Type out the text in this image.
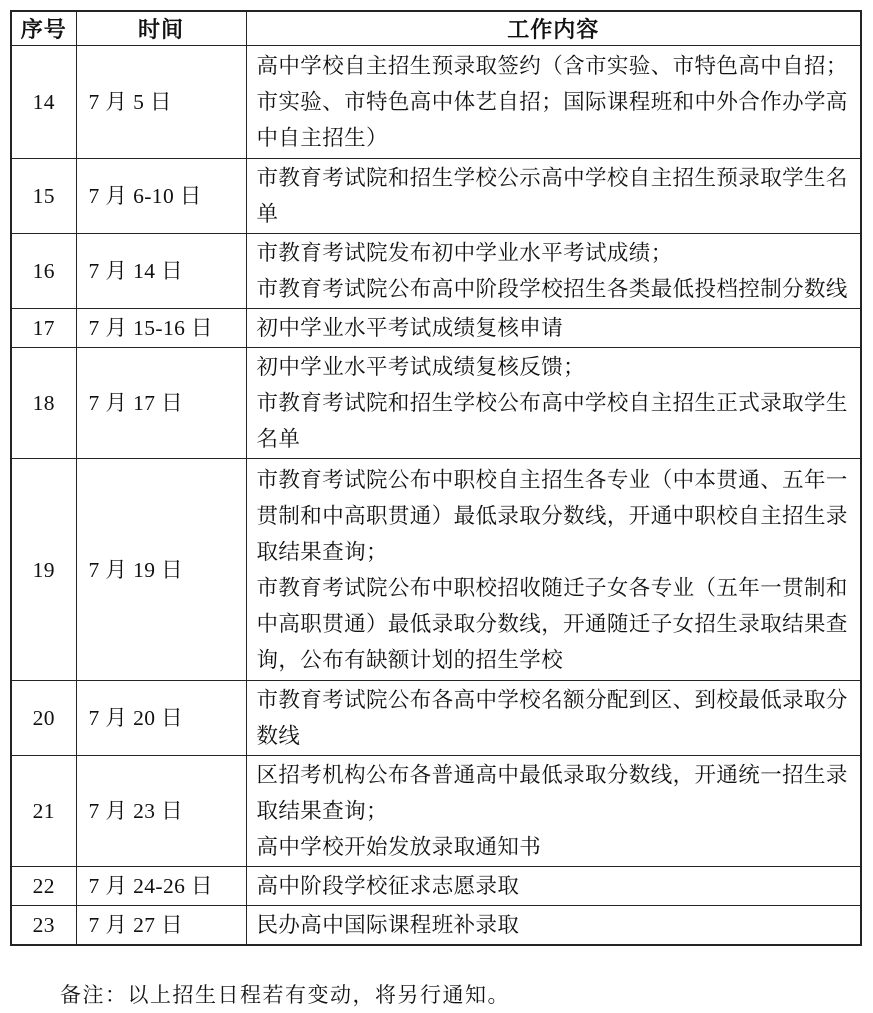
序号	时间	工作内容
14	7 月 5 日	高中学校自主招生预录取签约（含市实验、市特色高中自招；市实验、市特色高中体艺自招；国际课程班和中外合作办学高中自主招生）

15	7 月 6-10 日	市教育考试院和招生学校公示高中学校自主招生预录取学生名单

16	7 月 14 日	市教育考试院发布初中学业水平考试成绩；
市教育考试院公布高中阶段学校招生各类最低投档控制分数线

17	7 月 15-16 日	初中学业水平考试成绩复核申请

18	7 月 17 日	初中学业水平考试成绩复核反馈；
市教育考试院和招生学校公布高中学校自主招生正式录取学生名单

19	7 月 19 日	市教育考试院公布中职校自主招生各专业（中本贯通、五年一贯制和中高职贯通）最低录取分数线，开通中职校自主招生录取结果查询；
市教育考试院公布中职校招收随迁子女各专业（五年一贯制和中高职贯通）最低录取分数线，开通随迁子女招生录取结果查询，公布有缺额计划的招生学校

20	7 月 20 日	市教育考试院公布各高中学校名额分配到区、到校最低录取分数线

21	7 月 23 日	区招考机构公布各普通高中最低录取分数线，开通统一招生录取结果查询；
高中学校开始发放录取通知书

22	7 月 24-26 日	高中阶段学校征求志愿录取

23	7 月 27 日	民办高中国际课程班补录取

备注：以上招生日程若有变动，将另行通知。
